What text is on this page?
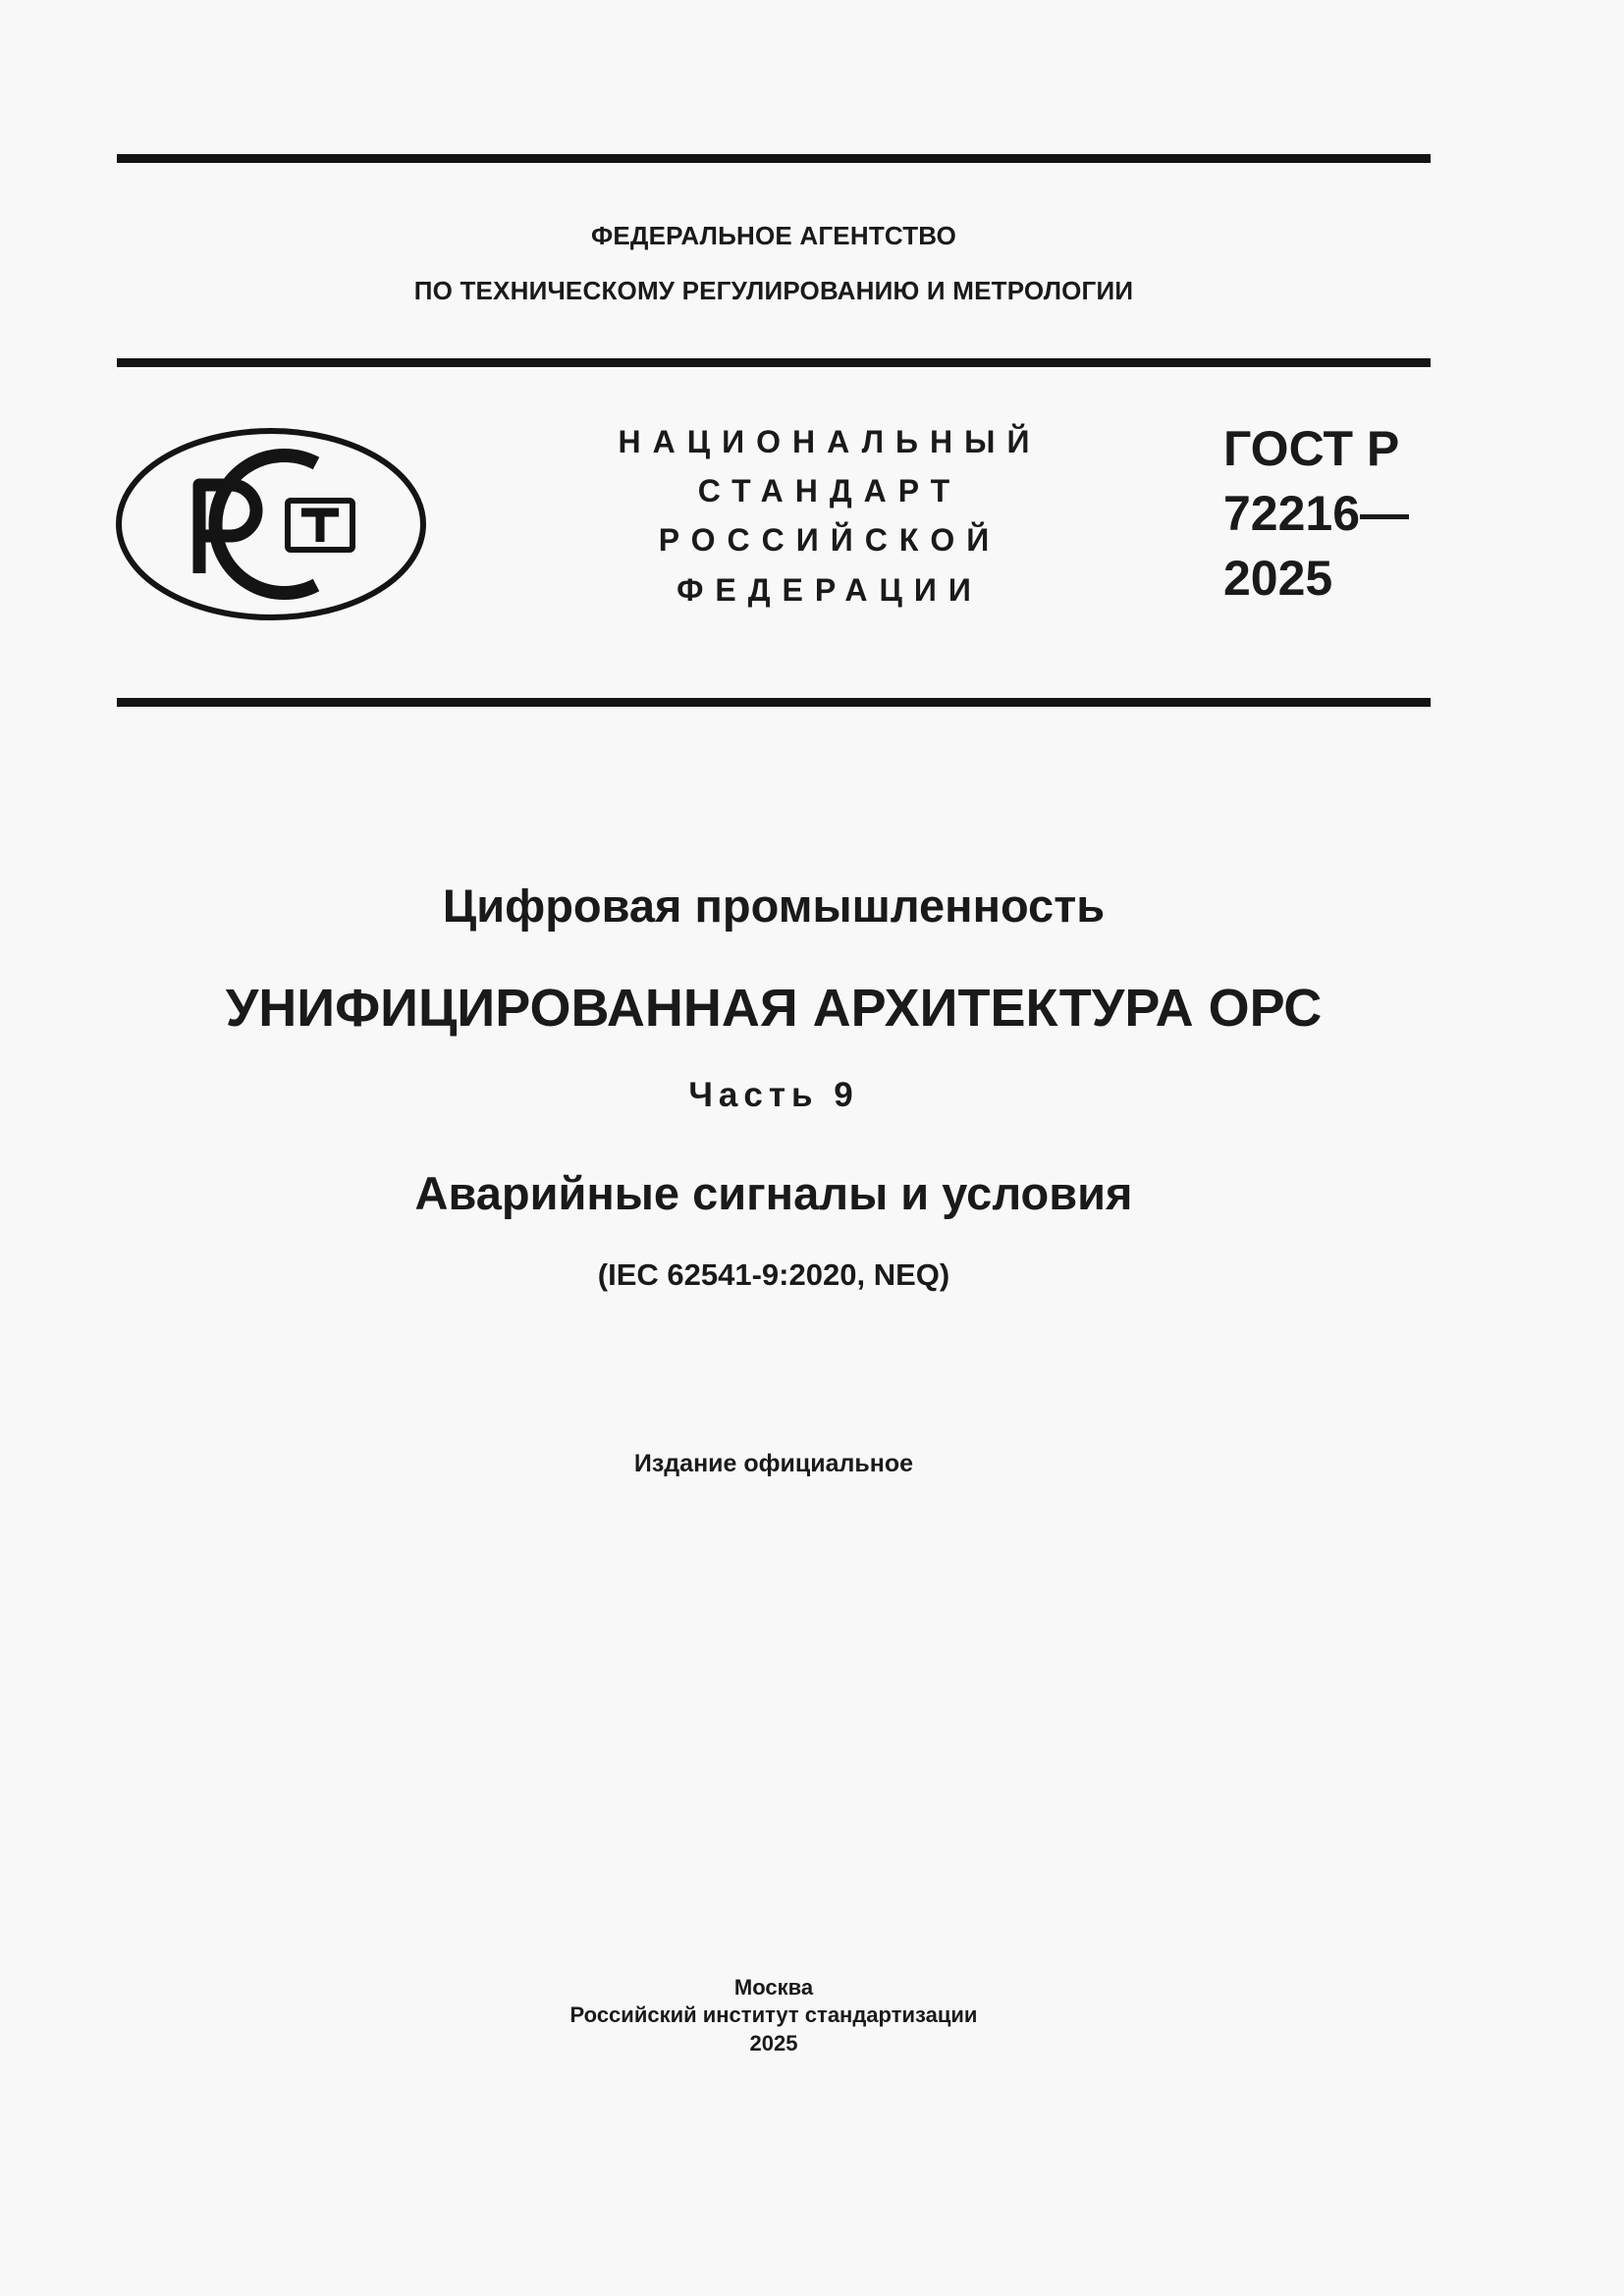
ФЕДЕРАЛЬНОЕ АГЕНТСТВО
ПО ТЕХНИЧЕСКОМУ РЕГУЛИРОВАНИЮ И МЕТРОЛОГИИ
НАЦИОНАЛЬНЫЙ
СТАНДАРТ
РОССИЙСКОЙ
ФЕДЕРАЦИИ
ГОСТ Р
72216—
2025
Цифровая промышленность
УНИФИЦИРОВАННАЯ АРХИТЕКТУРА ОРС
Часть 9
Аварийные сигналы и условия
(IEC 62541-9:2020, NEQ)
Издание официальное
Москва
Российский институт стандартизации
2025
